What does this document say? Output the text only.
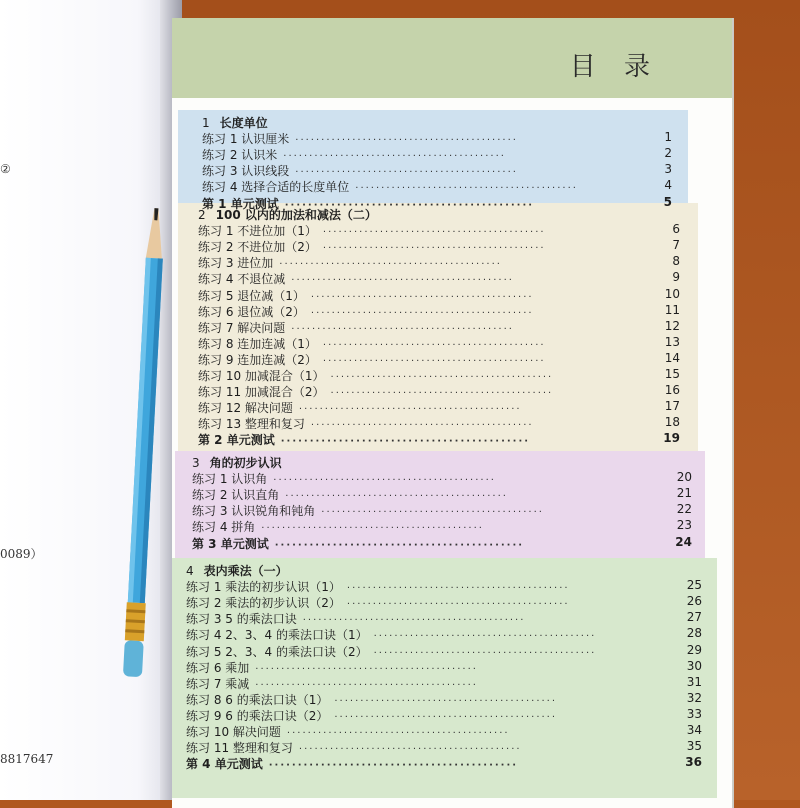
②
0089）
8817647
目 录
1 长度单位
练习 1 认识厘米 ···········································	1
练习 2 认识米 ···········································	2
练习 3 认识线段 ···········································	3
练习 4 选择合适的长度单位 ···········································	4
第 1 单元测试 ···········································	5
2 100 以内的加法和减法（二）
练习 1 不进位加（1） ···········································	6
练习 2 不进位加（2） ···········································	7
练习 3 进位加 ···········································	8
练习 4 不退位减 ···········································	9
练习 5 退位减（1） ···········································	10
练习 6 退位减（2） ···········································	11
练习 7 解决问题 ···········································	12
练习 8 连加连减（1） ···········································	13
练习 9 连加连减（2） ···········································	14
练习 10 加减混合（1） ···········································	15
练习 11 加减混合（2） ···········································	16
练习 12 解决问题 ···········································	17
练习 13 整理和复习 ···········································	18
第 2 单元测试 ···········································	19
3 角的初步认识
练习 1 认识角 ···········································	20
练习 2 认识直角 ···········································	21
练习 3 认识锐角和钝角 ···········································	22
练习 4 拼角 ···········································	23
第 3 单元测试 ···········································	24
4 表内乘法（一）
练习 1 乘法的初步认识（1） ···········································	25
练习 2 乘法的初步认识（2） ···········································	26
练习 3 5 的乘法口诀 ···········································	27
练习 4 2、3、4 的乘法口诀（1） ···········································	28
练习 5 2、3、4 的乘法口诀（2） ···········································	29
练习 6 乘加 ···········································	30
练习 7 乘减 ···········································	31
练习 8 6 的乘法口诀（1） ···········································	32
练习 9 6 的乘法口诀（2） ···········································	33
练习 10 解决问题 ···········································	34
练习 11 整理和复习 ···········································	35
第 4 单元测试 ···········································	36
